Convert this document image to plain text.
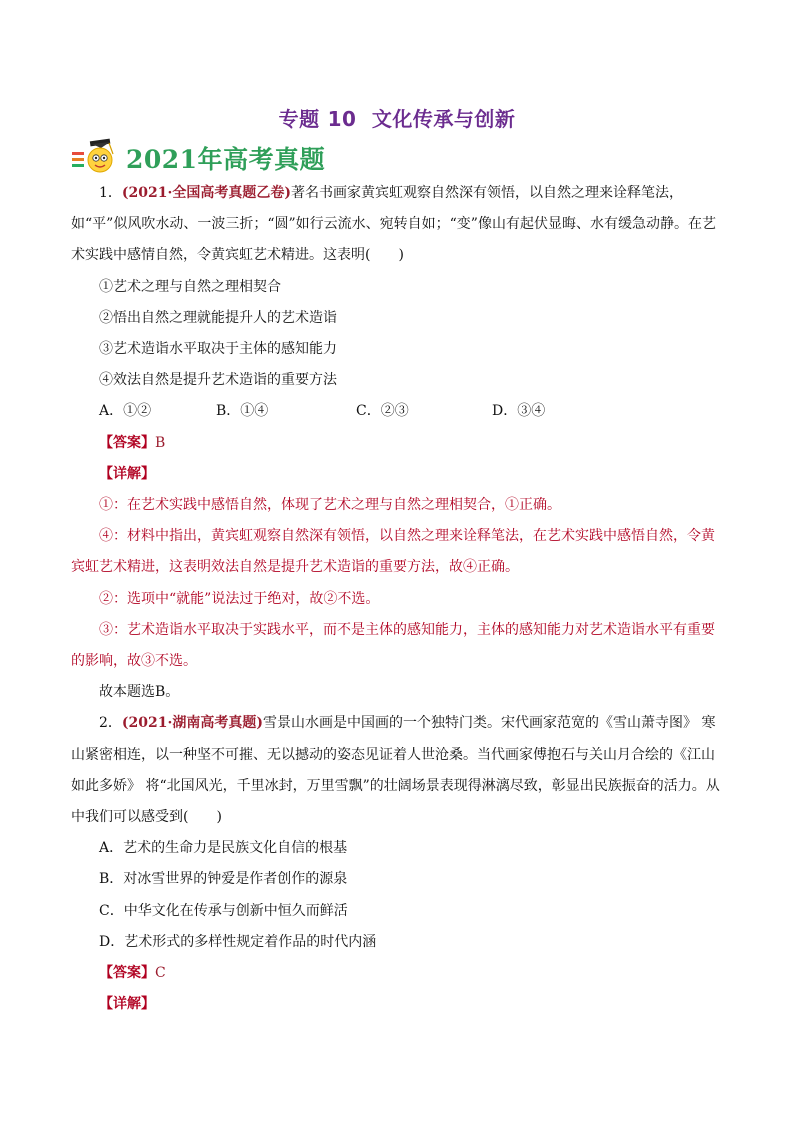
专题 10 文化传承与创新
2021年高考真题

1．(2021·全国高考真题乙卷)著名书画家黄宾虹观察自然深有领悟，以自然之理来诠释笔法，如“平”似风吹水动、一波三折；“圆”如行云流水、宛转自如；“变”像山有起伏显晦、水有缓急动静。在艺术实践中感情自然，令黄宾虹艺术精进。这表明(　　)

①艺术之理与自然之理相契合

②悟出自然之理就能提升人的艺术造诣

③艺术造诣水平取决于主体的感知能力

④效法自然是提升艺术造诣的重要方法

A．①②	B．①④	C．②③	D．③④

【答案】B

【详解】

①：在艺术实践中感悟自然，体现了艺术之理与自然之理相契合，①正确。

④：材料中指出，黄宾虹观察自然深有领悟，以自然之理来诠释笔法，在艺术实践中感悟自然，令黄宾虹艺术精进，这表明效法自然是提升艺术造诣的重要方法，故④正确。

②：选项中“就能”说法过于绝对，故②不选。

③：艺术造诣水平取决于实践水平，而不是主体的感知能力，主体的感知能力对艺术造诣水平有重要的影响，故③不选。

故本题选B。

2．(2021·湖南高考真题)雪景山水画是中国画的一个独特门类。宋代画家范宽的《雪山萧寺图》 寒山紧密相连，以一种坚不可摧、无以撼动的姿态见证着人世沧桑。当代画家傅抱石与关山月合绘的《江山如此多娇》 将“北国风光，千里冰封，万里雪飘”的壮阔场景表现得淋漓尽致，彰显出民族振奋的活力。从中我们可以感受到(　　)

A．艺术的生命力是民族文化自信的根基

B．对冰雪世界的钟爱是作者创作的源泉

C．中华文化在传承与创新中恒久而鲜活

D．艺术形式的多样性规定着作品的时代内涵

【答案】C

【详解】
